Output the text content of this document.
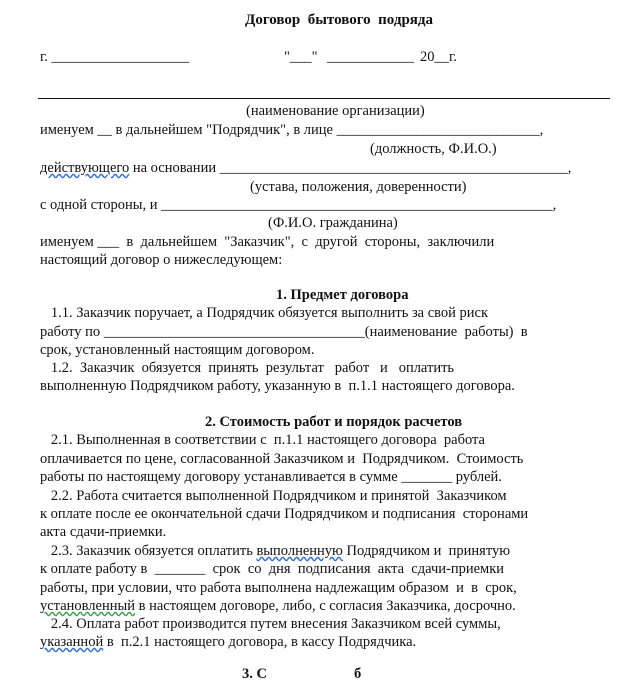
Договор  бытового  подряда
г. ___________________	"___" ____________ 20__г.
(наименование организации)
именуем __ в дальнейшем "Подрядчик", в лице ____________________________,
(должность, Ф.И.О.)
действующего на основании ________________________________________________,
(устава, положения, доверенности)
с одной стороны, и ______________________________________________________,
(Ф.И.О. гражданина)
именуем ___  в  дальнейшем  "Заказчик",  с  другой  стороны,  заключили
настоящий договор о нижеследующем:
1. Предмет договора
1.1. Заказчик поручает, а Подрядчик обязуется выполнить за свой риск
работу по ____________________________________(наименование  работы)  в
срок, установленный настоящим договором.
1.2.  Заказчик  обязуется  принять  результат   работ   и   оплатить
выполненную Подрядчиком работу, указанную в  п.1.1 настоящего договора.
2. Стоимость работ и порядок расчетов
2.1. Выполненная в соответствии с  п.1.1 настоящего договора  работа
оплачивается по цене, согласованной Заказчиком и  Подрядчиком.  Стоимость
работы по настоящему договору устанавливается в сумме _______ рублей.
2.2. Работа считается выполненной Подрядчиком и принятой  Заказчиком
к оплате после ее окончательной сдачи Подрядчиком и подписания  сторонами
акта сдачи-приемки.
2.3. Заказчик обязуется оплатить выполненную Подрядчиком и  принятую
к оплате работу в  _______  срок  со  дня  подписания  акта  сдачи-приемки
работы, при условии, что работа выполнена надлежащим образом  и  в  срок,
установленный в настоящем договоре, либо, с согласия Заказчика, досрочно.
2.4. Оплата работ производится путем внесения Заказчиком всей суммы,
указанной в  п.2.1 настоящего договора, в кассу Подрядчика.
3. С                        б
